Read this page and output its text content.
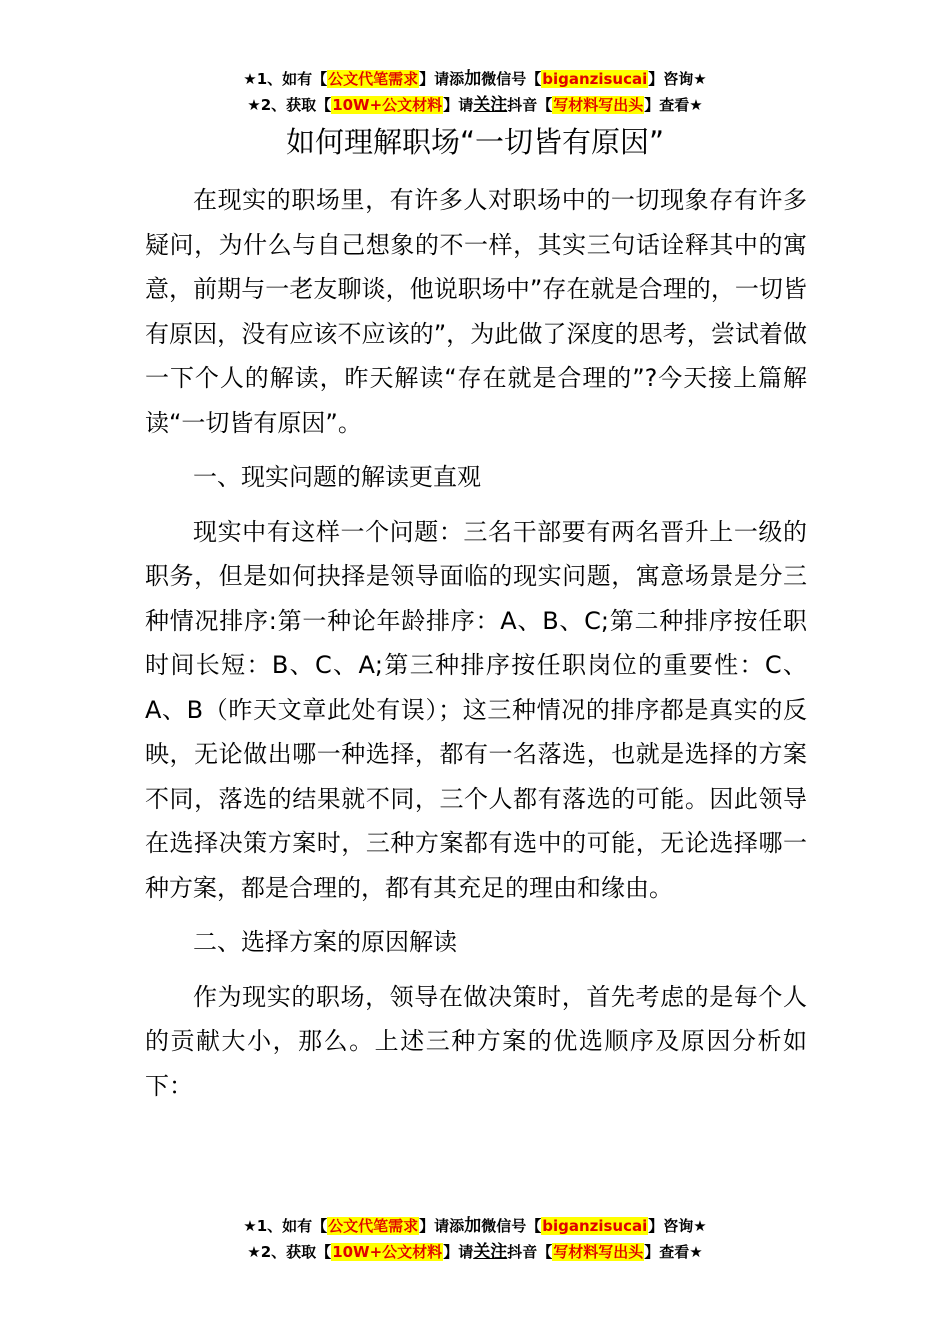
★1、如有【公文代笔需求】请添加微信号【biganzisucai】咨询★
★2、获取【10W+公文材料】请关注抖音【写材料写出头】查看★
如何理解职场“一切皆有原因”

在现实的职场里，有许多人对职场中的一切现象存有许多疑问，为什么与自己想象的不一样，其实三句话诠释其中的寓意，前期与一老友聊谈，他说职场中”存在就是合理的，一切皆有原因，没有应该不应该的”，为此做了深度的思考，尝试着做一下个人的解读，昨天解读“存在就是合理的”?今天接上篇解读“一切皆有原因”。

一、现实问题的解读更直观

现实中有这样一个问题：三名干部要有两名晋升上一级的职务，但是如何抉择是领导面临的现实问题，寓意场景是分三种情况排序:第一种论年龄排序：A、B、C;第二种排序按任职时间长短：B、C、A;第三种排序按任职岗位的重要性：C、A、B（昨天文章此处有误）；这三种情况的排序都是真实的反映，无论做出哪一种选择，都有一名落选，也就是选择的方案不同，落选的结果就不同，三个人都有落选的可能。因此领导在选择决策方案时，三种方案都有选中的可能，无论选择哪一种方案，都是合理的，都有其充足的理由和缘由。

二、选择方案的原因解读

作为现实的职场，领导在做决策时，首先考虑的是每个人的贡献大小，那么。上述三种方案的优选顺序及原因分析如下：

★1、如有【公文代笔需求】请添加微信号【biganzisucai】咨询★
★2、获取【10W+公文材料】请关注抖音【写材料写出头】查看★
